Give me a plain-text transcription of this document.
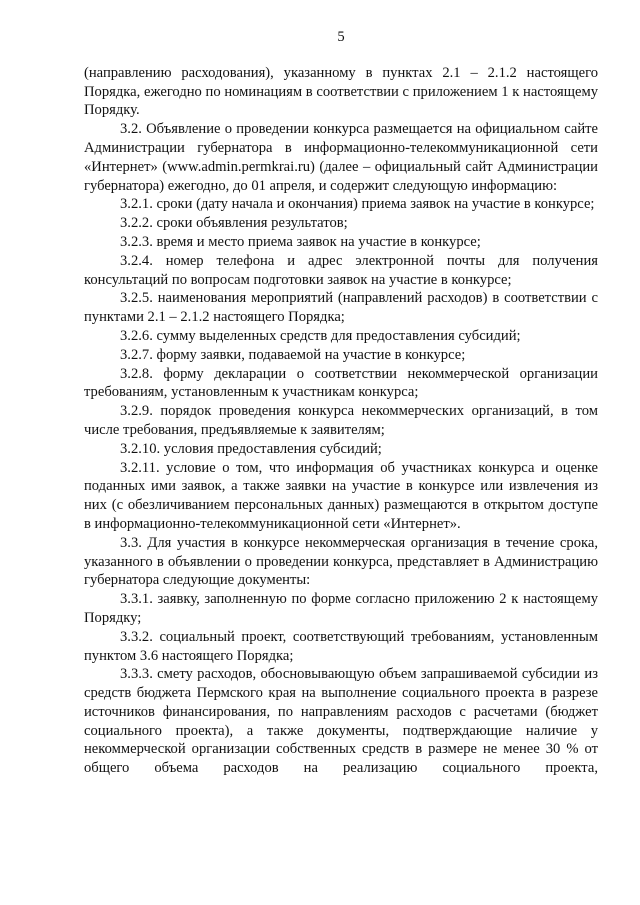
5

(направлению расходования), указанному в пунктах 2.1 – 2.1.2 настоящего Порядка, ежегодно по номинациям в соответствии с приложением 1 к настоящему Порядку.

3.2. Объявление о проведении конкурса размещается на официальном сайте Администрации губернатора в информационно-телекоммуникационной сети «Интернет» (www.admin.permkrai.ru) (далее – официальный сайт Администрации губернатора) ежегодно, до 01 апреля, и содержит следующую информацию:

3.2.1. сроки (дату начала и окончания) приема заявок на участие в конкурсе;

3.2.2. сроки объявления результатов;

3.2.3. время и место приема заявок на участие в конкурсе;

3.2.4. номер телефона и адрес электронной почты для получения консультаций по вопросам подготовки заявок на участие в конкурсе;

3.2.5. наименования мероприятий (направлений расходов) в соответствии с пунктами 2.1 – 2.1.2 настоящего Порядка;

3.2.6. сумму выделенных средств для предоставления субсидий;

3.2.7. форму заявки, подаваемой на участие в конкурсе;

3.2.8. форму декларации о соответствии некоммерческой организации требованиям, установленным к участникам конкурса;

3.2.9. порядок проведения конкурса некоммерческих организаций, в том числе требования, предъявляемые к заявителям;

3.2.10. условия предоставления субсидий;

3.2.11. условие о том, что информация об участниках конкурса и оценке поданных ими заявок, а также заявки на участие в конкурсе или извлечения из них (с обезличиванием персональных данных) размещаются в открытом доступе в информационно-телекоммуникационной сети «Интернет».

3.3. Для участия в конкурсе некоммерческая организация в течение срока, указанного в объявлении о проведении конкурса, представляет в Администрацию губернатора следующие документы:

3.3.1. заявку, заполненную по форме согласно приложению 2 к настоящему Порядку;

3.3.2. социальный проект, соответствующий требованиям, установленным пунктом 3.6 настоящего Порядка;

3.3.3. смету расходов, обосновывающую объем запрашиваемой субсидии из средств бюджета Пермского края на выполнение социального проекта в разрезе источников финансирования, по направлениям расходов с расчетами (бюджет социального проекта), а также документы, подтверждающие наличие у некоммерческой организации собственных средств в размере не менее 30 % от общего объема расходов на реализацию социального проекта,
